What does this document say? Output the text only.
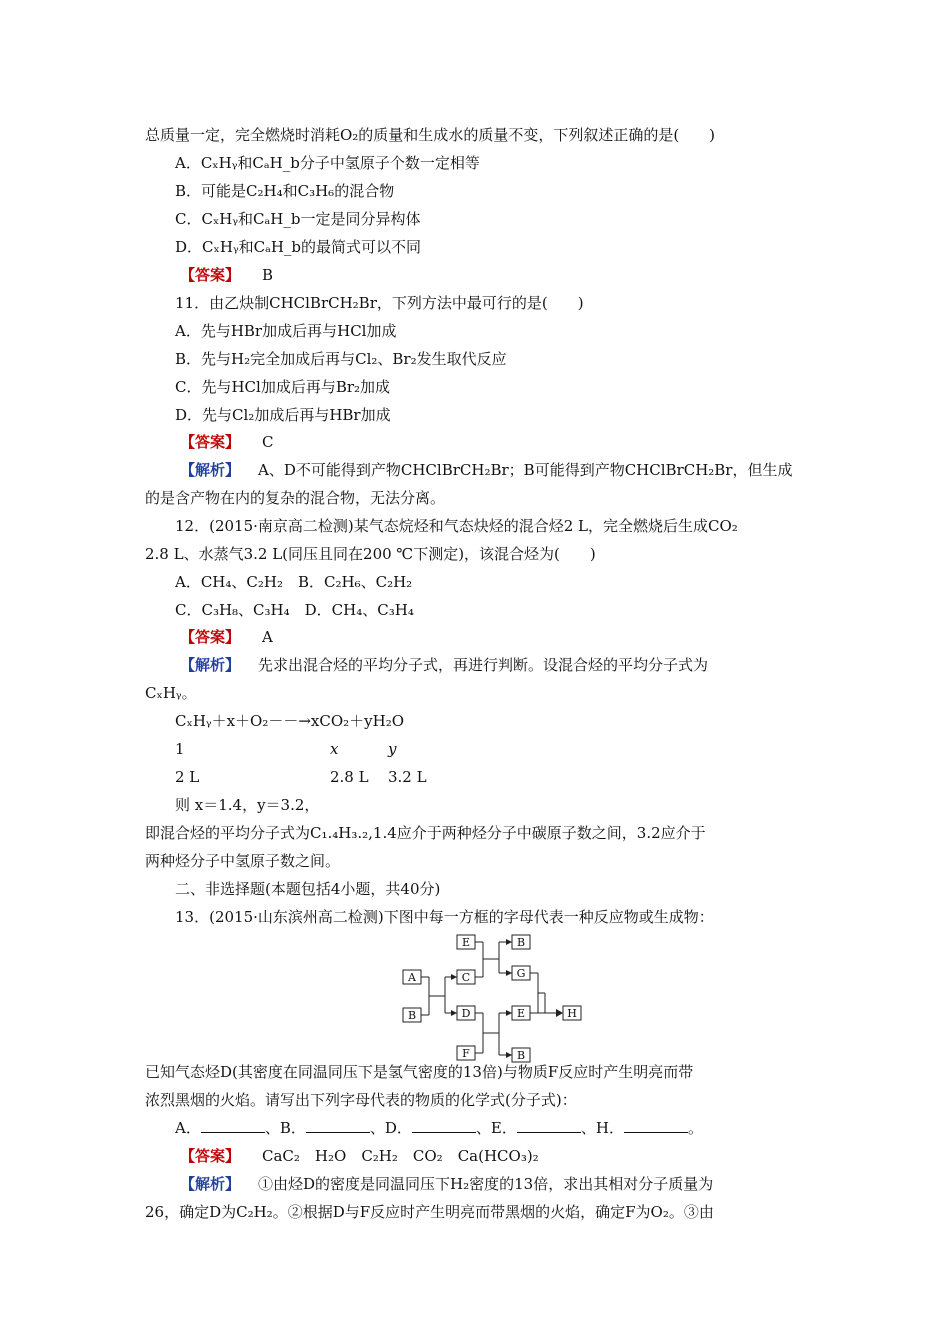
总质量一定，完全燃烧时消耗O₂的质量和生成水的质量不变，下列叙述正确的是(　　)
A．CₓHᵧ和CₐH_b分子中氢原子个数一定相等
B．可能是C₂H₄和C₃H₆的混合物
C．CₓHᵧ和CₐH_b一定是同分异构体
D．CₓHᵧ和CₐH_b的最简式可以不同
【答案】 B
11．由乙炔制CHClBrCH₂Br，下列方法中最可行的是(　　)
A．先与HBr加成后再与HCl加成
B．先与H₂完全加成后再与Cl₂、Br₂发生取代反应
C．先与HCl加成后再与Br₂加成
D．先与Cl₂加成后再与HBr加成
【答案】 C
【解析】 A、D不可能得到产物CHClBrCH₂Br；B可能得到产物CHClBrCH₂Br，但生成
的是含产物在内的复杂的混合物，无法分离。
12．(2015·南京高二检测)某气态烷烃和气态炔烃的混合烃2 L，完全燃烧后生成CO₂
2.8 L、水蒸气3.2 L(同压且同在200 ℃下测定)，该混合烃为(　　)
A．CH₄、C₂H₂　B．C₂H₆、C₂H₂
C．C₃H₈、C₃H₄　D．CH₄、C₃H₄
【答案】 A
【解析】 先求出混合烃的平均分子式，再进行判断。设混合烃的平均分子式为
CₓHᵧ。
CₓHᵧ＋x＋O₂－－→xCO₂＋yH₂O
1	x	y
2 L	2.8 L 3.2 L
则 x＝1.4，y＝3.2，
即混合烃的平均分子式为C₁.₄H₃.₂,1.4应介于两种烃分子中碳原子数之间，3.2应介于
两种烃分子中氢原子数之间。
二、非选择题(本题包括4小题，共40分)
13．(2015·山东滨州高二检测)下图中每一方框的字母代表一种反应物或生成物：
E	B
A	C	G
B	D	E	H
F	B
已知气态烃D(其密度在同温同压下是氢气密度的13倍)与物质F反应时产生明亮而带
浓烈黑烟的火焰。请写出下列字母代表的物质的化学式(分子式)：
A．	、B．	、D．	、E．	、H．	。
【答案】 CaC₂　H₂O　C₂H₂　CO₂　Ca(HCO₃)₂
【解析】 ①由烃D的密度是同温同压下H₂密度的13倍，求出其相对分子质量为
26，确定D为C₂H₂。②根据D与F反应时产生明亮而带黑烟的火焰，确定F为O₂。③由
